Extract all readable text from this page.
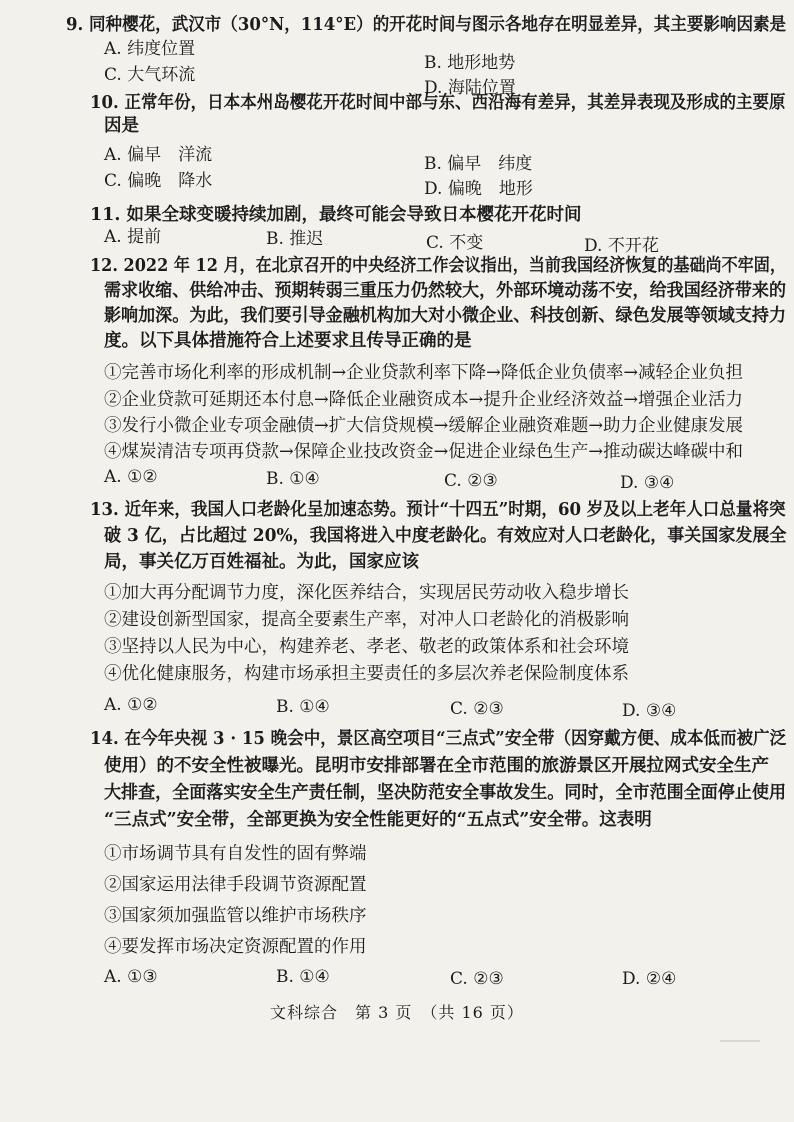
9. 同种樱花，武汉市（30°N，114°E）的开花时间与图示各地存在明显差异，其主要影响因素是
A. 纬度位置
B. 地形地势
C. 大气环流
D. 海陆位置
10. 正常年份，日本本州岛樱花开花时间中部与东、西沿海有差异，其差异表现及形成的主要原
因是
A. 偏早　洋流	B. 偏早　纬度
C. 偏晚　降水	D. 偏晚　地形
11. 如果全球变暖持续加剧，最终可能会导致日本樱花开花时间
A. 提前	B. 推迟	C. 不变	D. 不开花
12. 2022 年 12 月，在北京召开的中央经济工作会议指出，当前我国经济恢复的基础尚不牢固，
需求收缩、供给冲击、预期转弱三重压力仍然较大，外部环境动荡不安，给我国经济带来的
影响加深。为此，我们要引导金融机构加大对小微企业、科技创新、绿色发展等领域支持力
度。以下具体措施符合上述要求且传导正确的是
①完善市场化利率的形成机制→企业贷款利率下降→降低企业负债率→减轻企业负担
②企业贷款可延期还本付息→降低企业融资成本→提升企业经济效益→增强企业活力
③发行小微企业专项金融债→扩大信贷规模→缓解企业融资难题→助力企业健康发展
④煤炭清洁专项再贷款→保障企业技改资金→促进企业绿色生产→推动碳达峰碳中和
A. ①②	B. ①④	C. ②③	D. ③④
13. 近年来，我国人口老龄化呈加速态势。预计“十四五”时期，60 岁及以上老年人口总量将突
破 3 亿，占比超过 20%，我国将进入中度老龄化。有效应对人口老龄化，事关国家发展全
局，事关亿万百姓福祉。为此，国家应该
①加大再分配调节力度，深化医养结合，实现居民劳动收入稳步增长
②建设创新型国家，提高全要素生产率，对冲人口老龄化的消极影响
③坚持以人民为中心，构建养老、孝老、敬老的政策体系和社会环境
④优化健康服务，构建市场承担主要责任的多层次养老保险制度体系
A. ①②	B. ①④	C. ②③	D. ③④
14. 在今年央视 3 · 15 晚会中，景区高空项目“三点式”安全带（因穿戴方便、成本低而被广泛
使用）的不安全性被曝光。昆明市安排部署在全市范围的旅游景区开展拉网式安全生产
大排查，全面落实安全生产责任制，坚决防范安全事故发生。同时，全市范围全面停止使用
“三点式”安全带，全部更换为安全性能更好的“五点式”安全带。这表明
①市场调节具有自发性的固有弊端
②国家运用法律手段调节资源配置
③国家须加强监管以维护市场秩序
④要发挥市场决定资源配置的作用
A. ①③	B. ①④	C. ②③	D. ②④
文科综合　第 3 页　（共 16 页）
